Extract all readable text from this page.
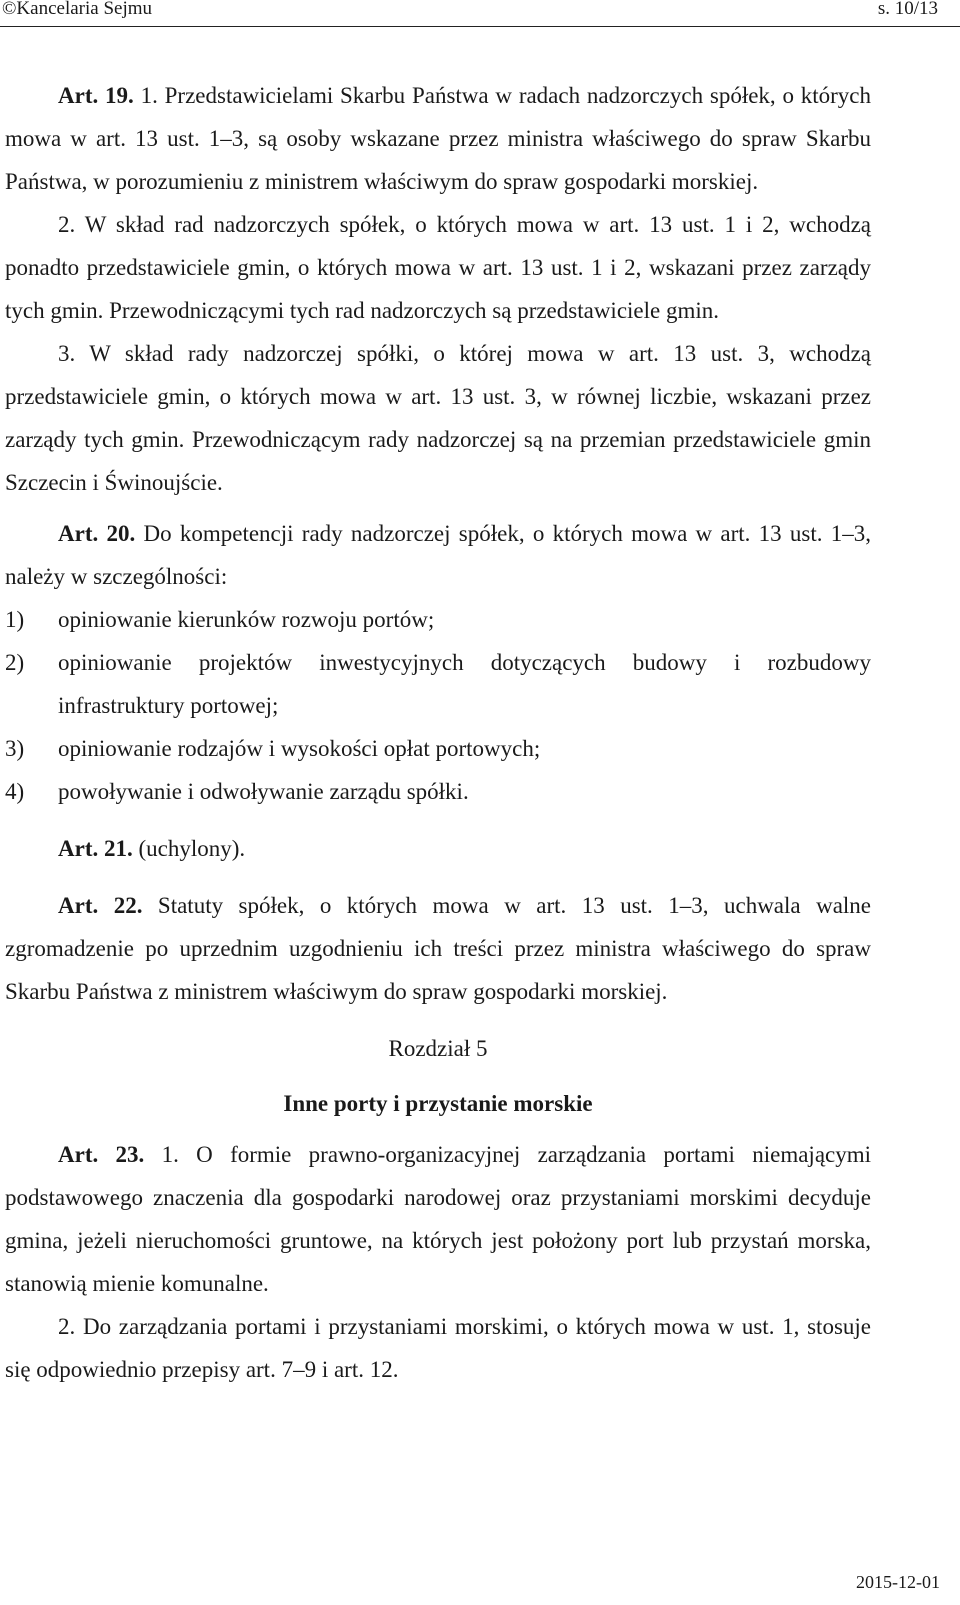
©Kancelaria Sejmu	s. 10/13

Art. 19. 1. Przedstawicielami Skarbu Państwa w radach nadzorczych spółek, o których mowa w art. 13 ust. 1–3, są osoby wskazane przez ministra właściwego do spraw Skarbu Państwa, w porozumieniu z ministrem właściwym do spraw gospodarki morskiej.

2. W skład rad nadzorczych spółek, o których mowa w art. 13 ust. 1 i 2, wchodzą ponadto przedstawiciele gmin, o których mowa w art. 13 ust. 1 i 2, wskazani przez zarządy tych gmin. Przewodniczącymi tych rad nadzorczych są przedstawiciele gmin.

3. W skład rady nadzorczej spółki, o której mowa w art. 13 ust. 3, wchodzą przedstawiciele gmin, o których mowa w art. 13 ust. 3, w równej liczbie, wskazani przez zarządy tych gmin. Przewodniczącym rady nadzorczej są na przemian przedstawiciele gmin Szczecin i Świnoujście.

Art. 20. Do kompetencji rady nadzorczej spółek, o których mowa w art. 13 ust. 1–3, należy w szczególności:

1) opiniowanie kierunków rozwoju portów;
2) opiniowanie projektów inwestycyjnych dotyczących budowy i rozbudowy infrastruktury portowej;
3) opiniowanie rodzajów i wysokości opłat portowych;
4) powoływanie i odwoływanie zarządu spółki.

Art. 21. (uchylony).

Art. 22. Statuty spółek, o których mowa w art. 13 ust. 1–3, uchwala walne zgromadzenie po uprzednim uzgodnieniu ich treści przez ministra właściwego do spraw Skarbu Państwa z ministrem właściwym do spraw gospodarki morskiej.

Rozdział 5

Inne porty i przystanie morskie

Art. 23. 1. O formie prawno-organizacyjnej zarządzania portami niemającymi podstawowego znaczenia dla gospodarki narodowej oraz przystaniami morskimi decyduje gmina, jeżeli nieruchomości gruntowe, na których jest położony port lub przystań morska, stanowią mienie komunalne.

2. Do zarządzania portami i przystaniami morskimi, o których mowa w ust. 1, stosuje się odpowiednio przepisy art. 7–9 i art. 12.

2015-12-01
